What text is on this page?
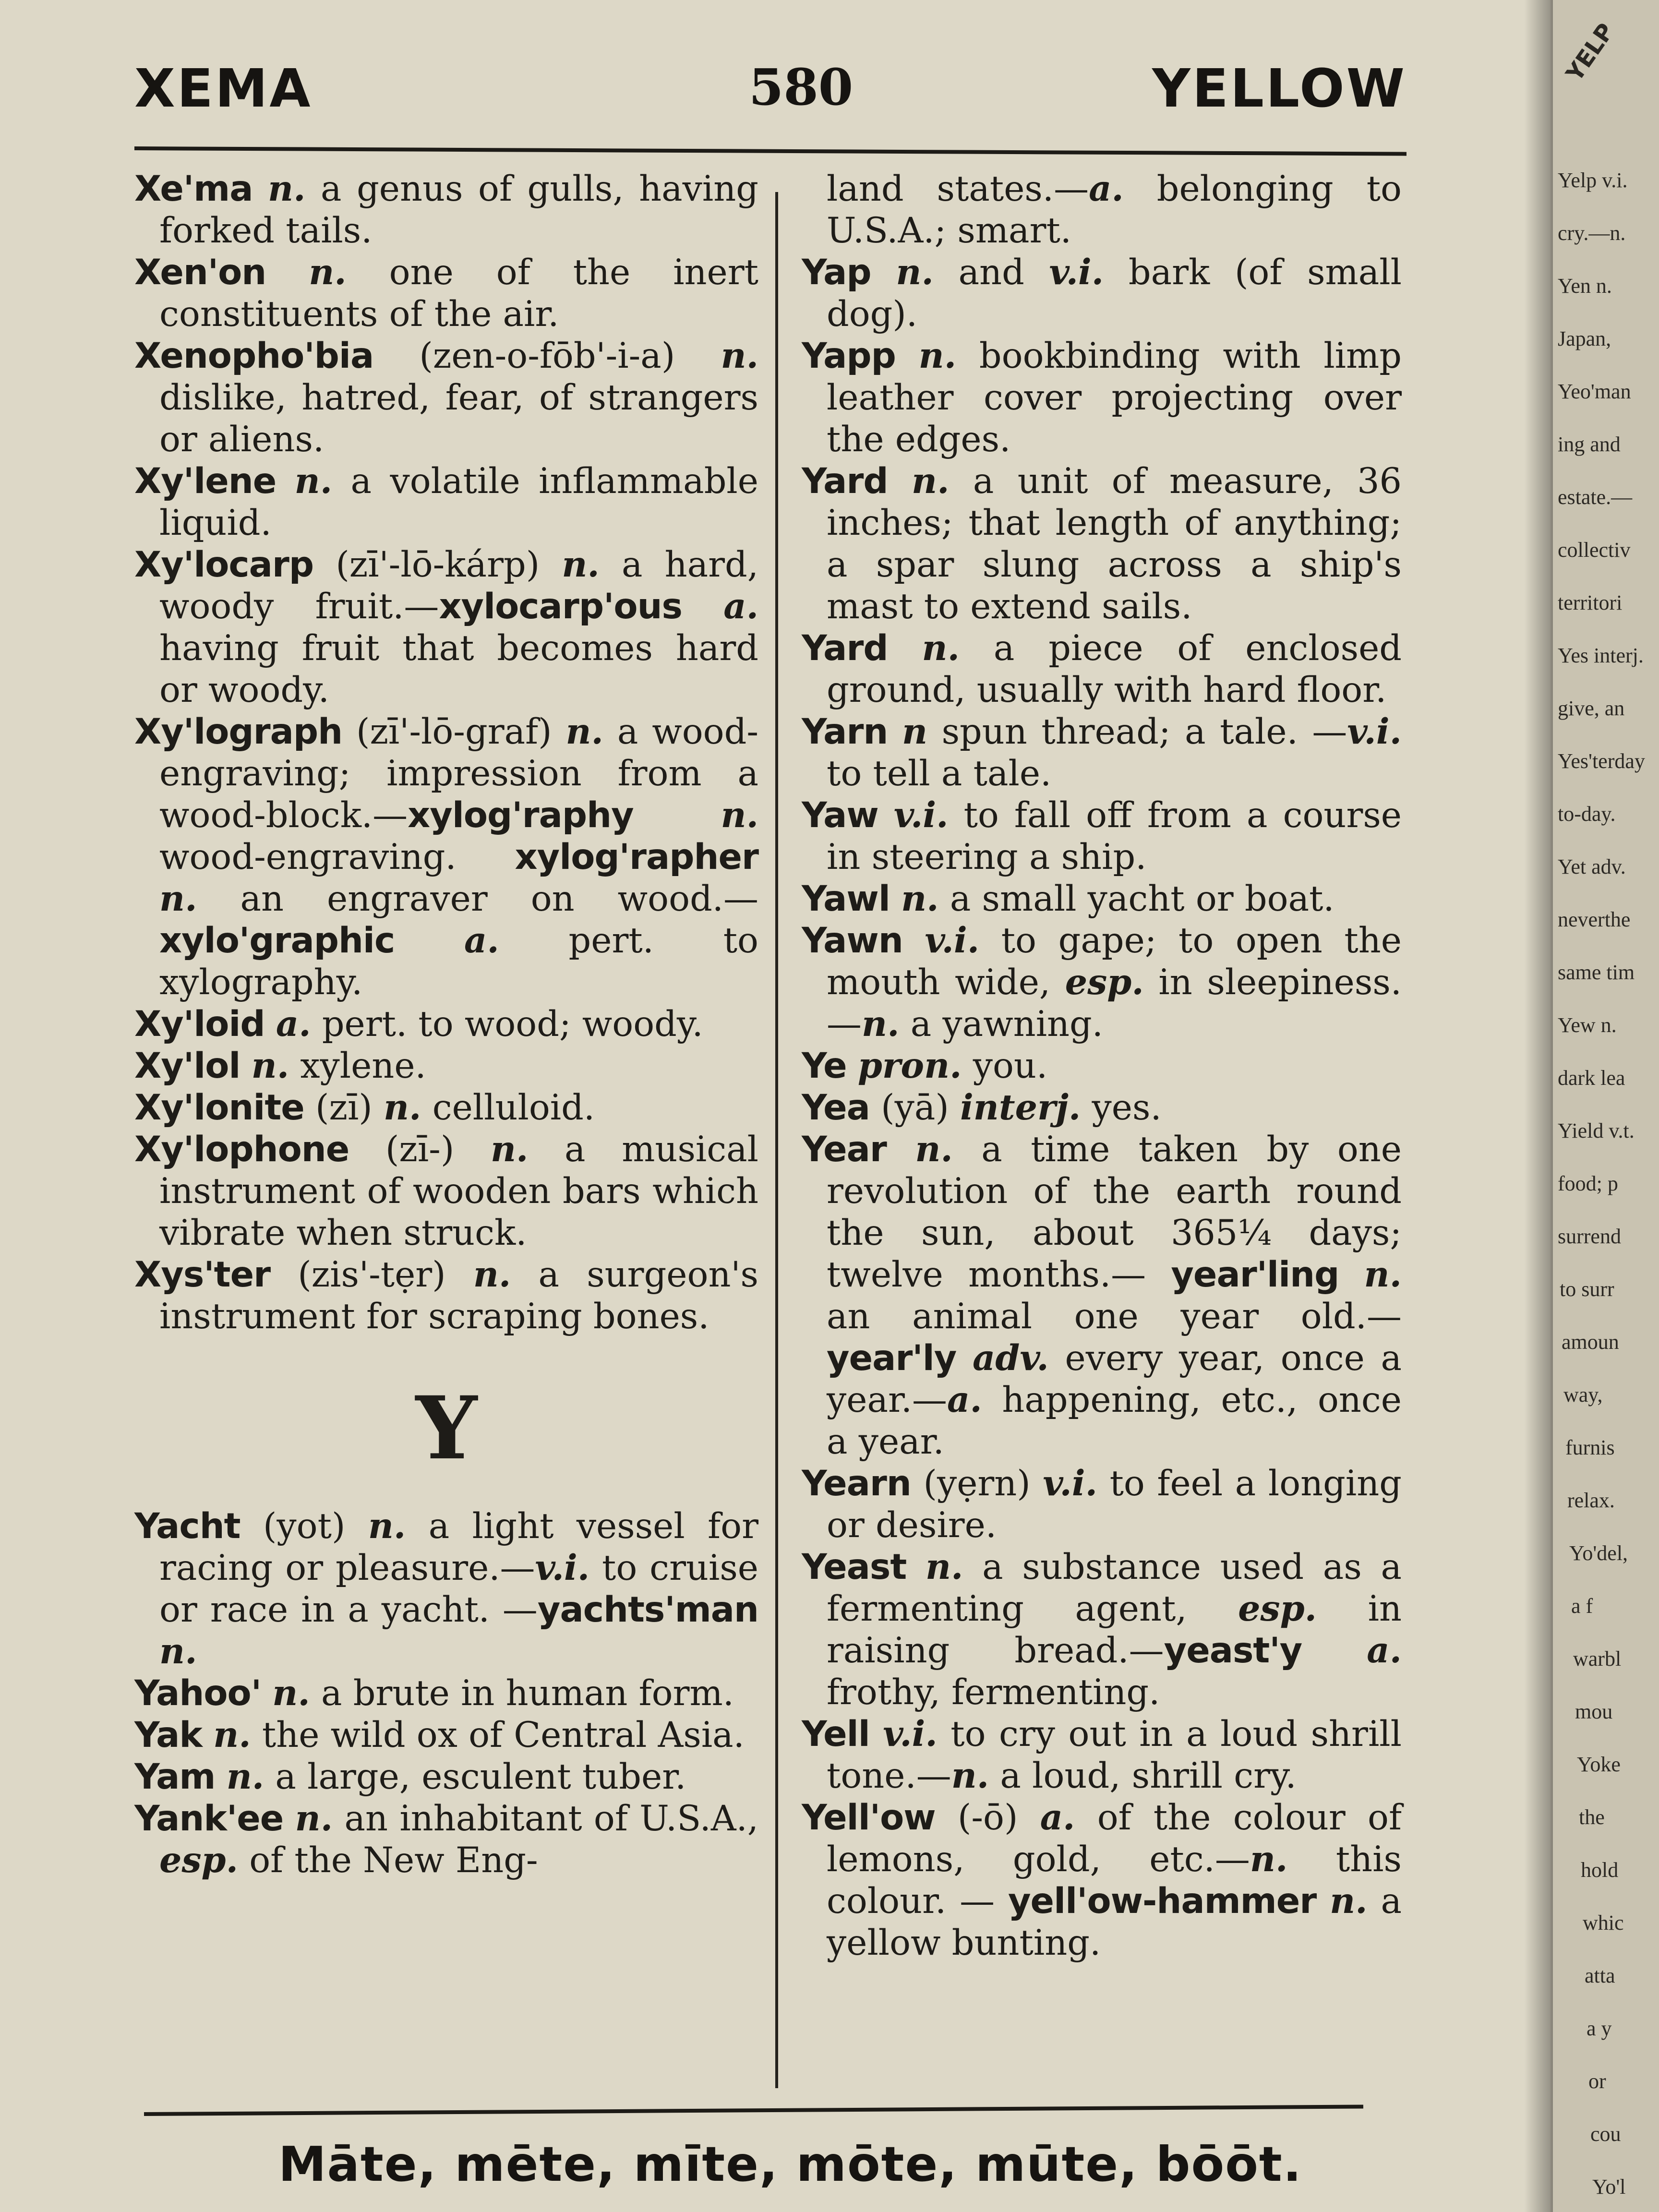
XEMA	580	YELLOW

Xe'ma n. a genus of gulls, having forked tails.

Xen'on n. one of the inert constituents of the air.

Xenopho'bia (zen-o-fōb'-i-a) n. dislike, hatred, fear, of strangers or aliens.

Xy'lene n. a volatile inflammable liquid.

Xy'locarp (zī'-lō-kárp) n. a hard, woody fruit.—xylocarp'ous a. having fruit that becomes hard or woody.

Xy'lograph (zī'-lō-graf) n. a wood-engraving; impression from a wood-block.—xylog'raphy n. wood-engraving. xylog'rapher n. an engraver on wood.—xylo'graphic a. pert. to xylography.

Xy'loid a. pert. to wood; woody.

Xy'lol n. xylene.

Xy'lonite (zī) n. celluloid.

Xy'lophone (zī-) n. a musical instrument of wooden bars which vibrate when struck.

Xys'ter (zis'-tẹr) n. a surgeon's instrument for scraping bones.

Y

Yacht (yot) n. a light vessel for racing or pleasure.—v.i. to cruise or race in a yacht. —yachts'man n.

Yahoo' n. a brute in human form.

Yak n. the wild ox of Central Asia.

Yam n. a large, esculent tuber.

Yank'ee n. an inhabitant of U.S.A., esp. of the New Eng-

land states.—a. belonging to U.S.A.; smart.

Yap n. and v.i. bark (of small dog).

Yapp n. bookbinding with limp leather cover projecting over the edges.

Yard n. a unit of measure, 36 inches; that length of anything; a spar slung across a ship's mast to extend sails.

Yard n. a piece of enclosed ground, usually with hard floor.

Yarn n spun thread; a tale. —v.i. to tell a tale.

Yaw v.i. to fall off from a course in steering a ship.

Yawl n. a small yacht or boat.

Yawn v.i. to gape; to open the mouth wide, esp. in sleepiness.—n. a yawning.

Ye pron. you.

Yea (yā) interj. yes.

Year n. a time taken by one revolution of the earth round the sun, about 365¼ days; twelve months.— year'ling n. an animal one year old.—year'ly adv. every year, once a year.—a. happening, etc., once a year.

Yearn (yẹrn) v.i. to feel a longing or desire.

Yeast n. a substance used as a fermenting agent, esp. in raising bread.—yeast'y a. frothy, fermenting.

Yell v.i. to cry out in a loud shrill tone.—n. a loud, shrill cry.

Yell'ow (-ō) a. of the colour of lemons, gold, etc.—n. this colour. — yell'ow-hammer n. a yellow bunting.

Māte, mēte, mīte, mōte, mūte, bōōt.
YELP
Yelp v.i.
cry.—n.
Yen n.
Japan,
Yeo'man
ing and
estate.—
collectiv
territori
Yes interj.
give, an
Yes'terday
to-day.
Yet adv.
neverthe
same tim
Yew n.
dark lea
Yield v.t.
food; p
surrend
to surr
amoun
way,
furnis
relax.
Yo'del,
a f
warbl
mou
Yoke
the
hold
whic
atta
a y
or
cou
Yo'l
